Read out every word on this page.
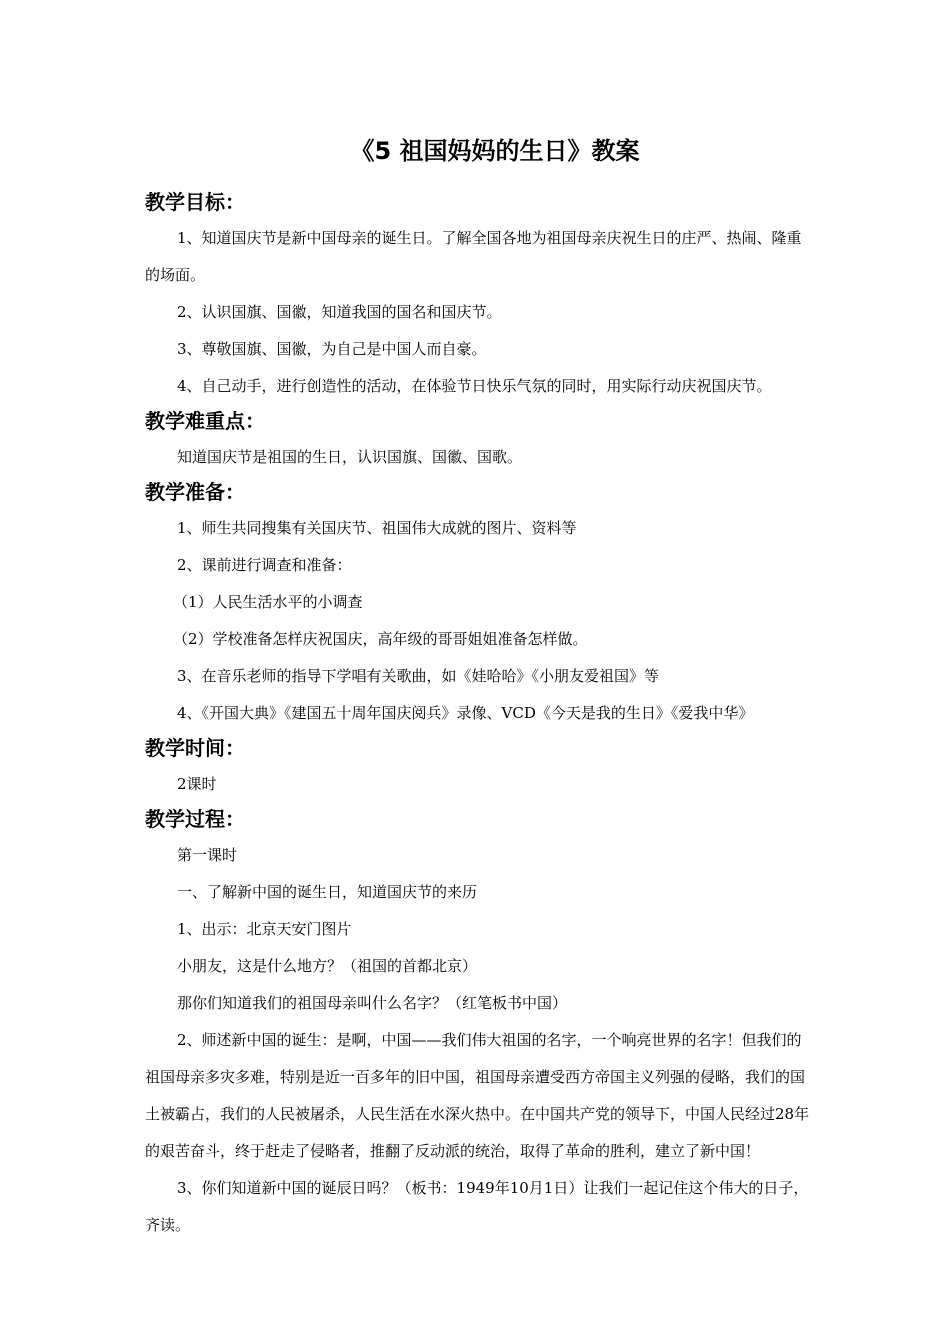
《5 祖国妈妈的生日》教案
教学目标：

1、知道国庆节是新中国母亲的诞生日。了解全国各地为祖国母亲庆祝生日的庄严、热闹、隆重的场面。

2、认识国旗、国徽，知道我国的国名和国庆节。

3、尊敬国旗、国徽，为自己是中国人而自豪。

4、自己动手，进行创造性的活动，在体验节日快乐气氛的同时，用实际行动庆祝国庆节。

教学难重点：

知道国庆节是祖国的生日，认识国旗、国徽、国歌。

教学准备：

1、师生共同搜集有关国庆节、祖国伟大成就的图片、资料等

2、课前进行调查和准备：

（1）人民生活水平的小调查

（2）学校准备怎样庆祝国庆，高年级的哥哥姐姐准备怎样做。

3、在音乐老师的指导下学唱有关歌曲，如《娃哈哈》《小朋友爱祖国》等

4、《开国大典》《建国五十周年国庆阅兵》录像、VCD《今天是我的生日》《爱我中华》

教学时间：

2课时

教学过程：

第一课时

一、了解新中国的诞生日，知道国庆节的来历

1、出示：北京天安门图片

小朋友，这是什么地方？（祖国的首都北京）

那你们知道我们的祖国母亲叫什么名字？（红笔板书中国）

2、师述新中国的诞生：是啊，中国——我们伟大祖国的名字，一个响亮世界的名字！但我们的祖国母亲多灾多难，特别是近一百多年的旧中国，祖国母亲遭受西方帝国主义列强的侵略，我们的国土被霸占，我们的人民被屠杀，人民生活在水深火热中。在中国共产党的领导下，中国人民经过28年的艰苦奋斗，终于赶走了侵略者，推翻了反动派的统治，取得了革命的胜利，建立了新中国！

3、你们知道新中国的诞辰日吗？（板书：1949年10月1日）让我们一起记住这个伟大的日子，齐读。
